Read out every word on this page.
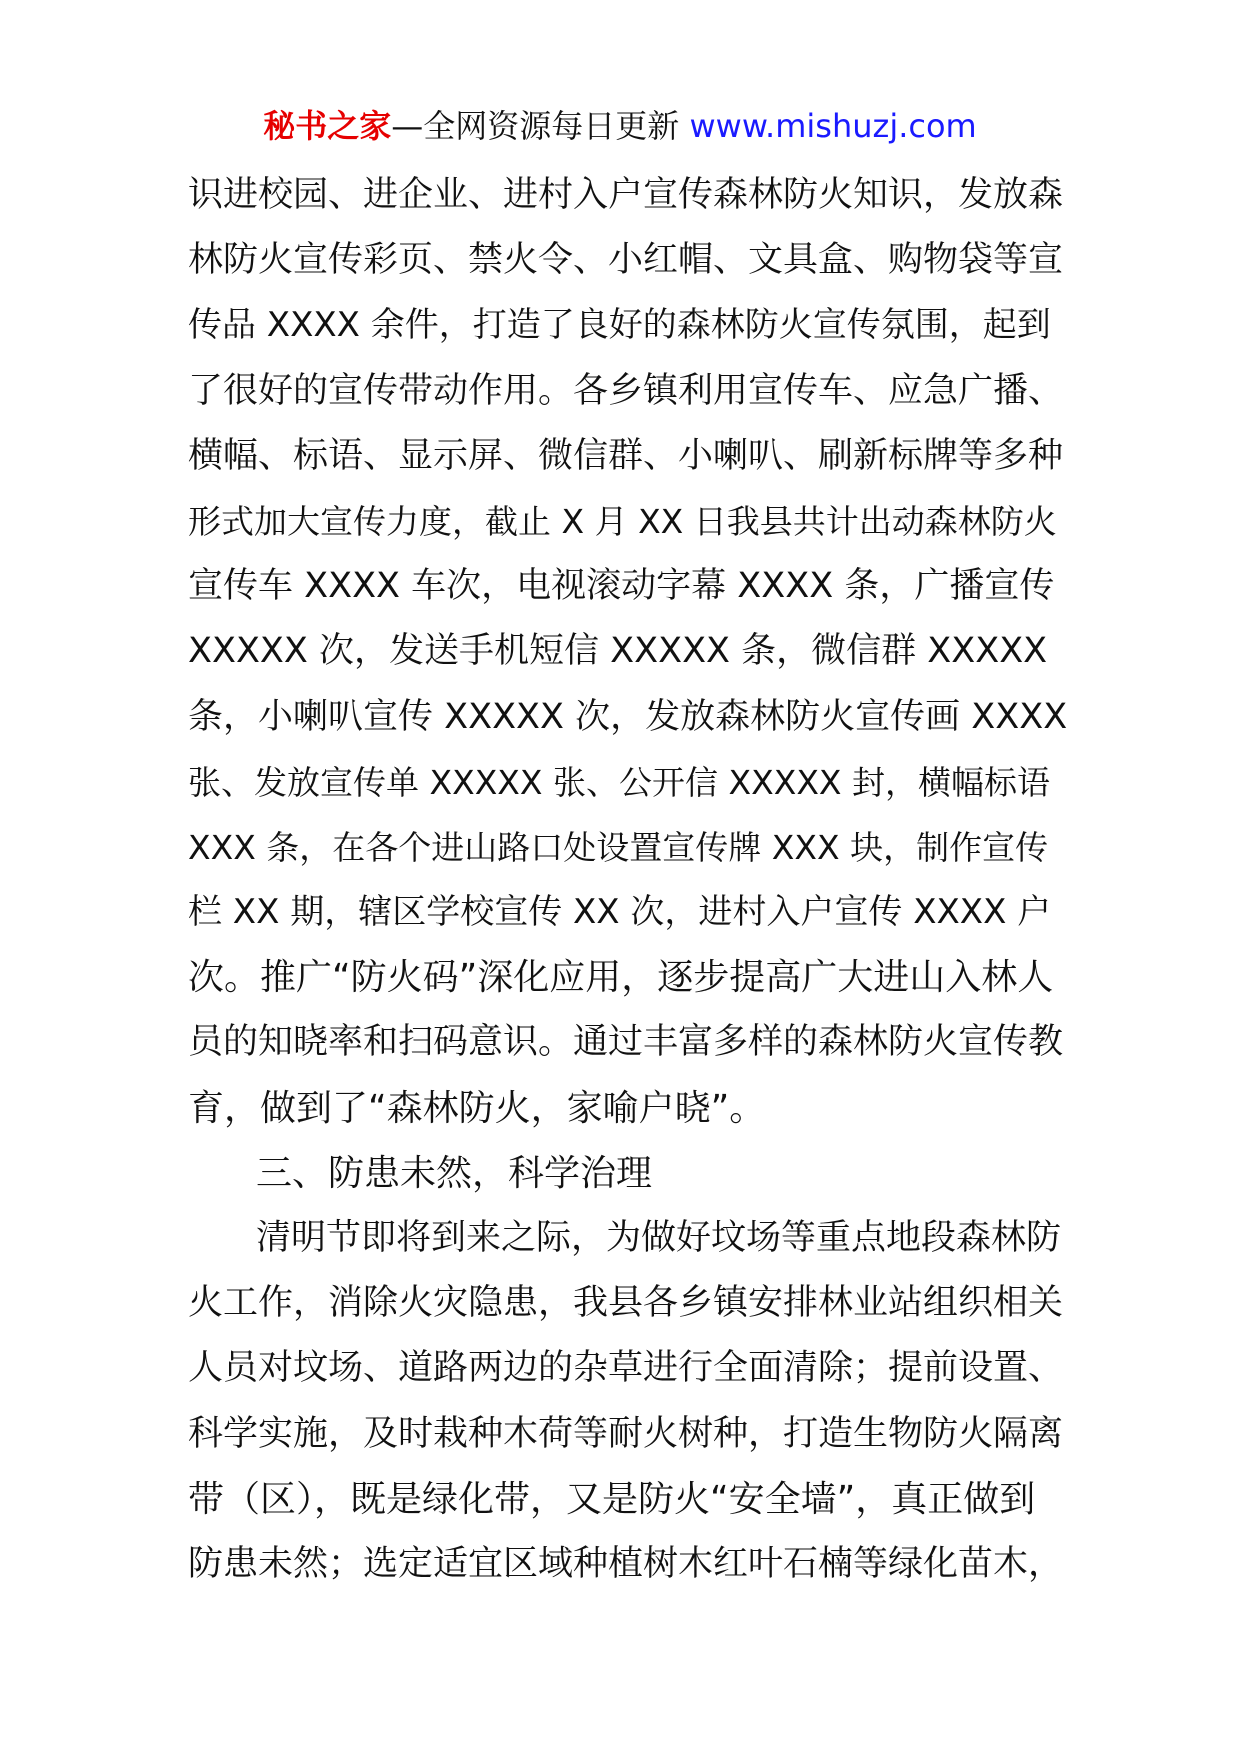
秘书之家—全网资源每日更新 www.mishuzj.com
识进校园、进企业、进村入户宣传森林防火知识，发放森
林防火宣传彩页、禁火令、小红帽、文具盒、购物袋等宣
传品 XXXX 余件，打造了良好的森林防火宣传氛围，起到
了很好的宣传带动作用。各乡镇利用宣传车、应急广播、
横幅、标语、显示屏、微信群、小喇叭、刷新标牌等多种
形式加大宣传力度，截止 X 月 XX 日我县共计出动森林防火
宣传车 XXXX 车次，电视滚动字幕 XXXX 条，广播宣传
XXXXX 次，发送手机短信 XXXXX 条，微信群 XXXXX
条，小喇叭宣传 XXXXX 次，发放森林防火宣传画 XXXX
张、发放宣传单 XXXXX 张、公开信 XXXXX 封，横幅标语
XXX 条，在各个进山路口处设置宣传牌 XXX 块，制作宣传
栏 XX 期，辖区学校宣传 XX 次，进村入户宣传 XXXX 户
次。推广“防火码”深化应用，逐步提高广大进山入林人
员的知晓率和扫码意识。通过丰富多样的森林防火宣传教
育，做到了“森林防火，家喻户晓”。
三、防患未然，科学治理
清明节即将到来之际，为做好坟场等重点地段森林防
火工作，消除火灾隐患，我县各乡镇安排林业站组织相关
人员对坟场、道路两边的杂草进行全面清除；提前设置、
科学实施，及时栽种木荷等耐火树种，打造生物防火隔离
带（区），既是绿化带，又是防火“安全墙”，真正做到
防患未然；选定适宜区域种植树木红叶石楠等绿化苗木，
